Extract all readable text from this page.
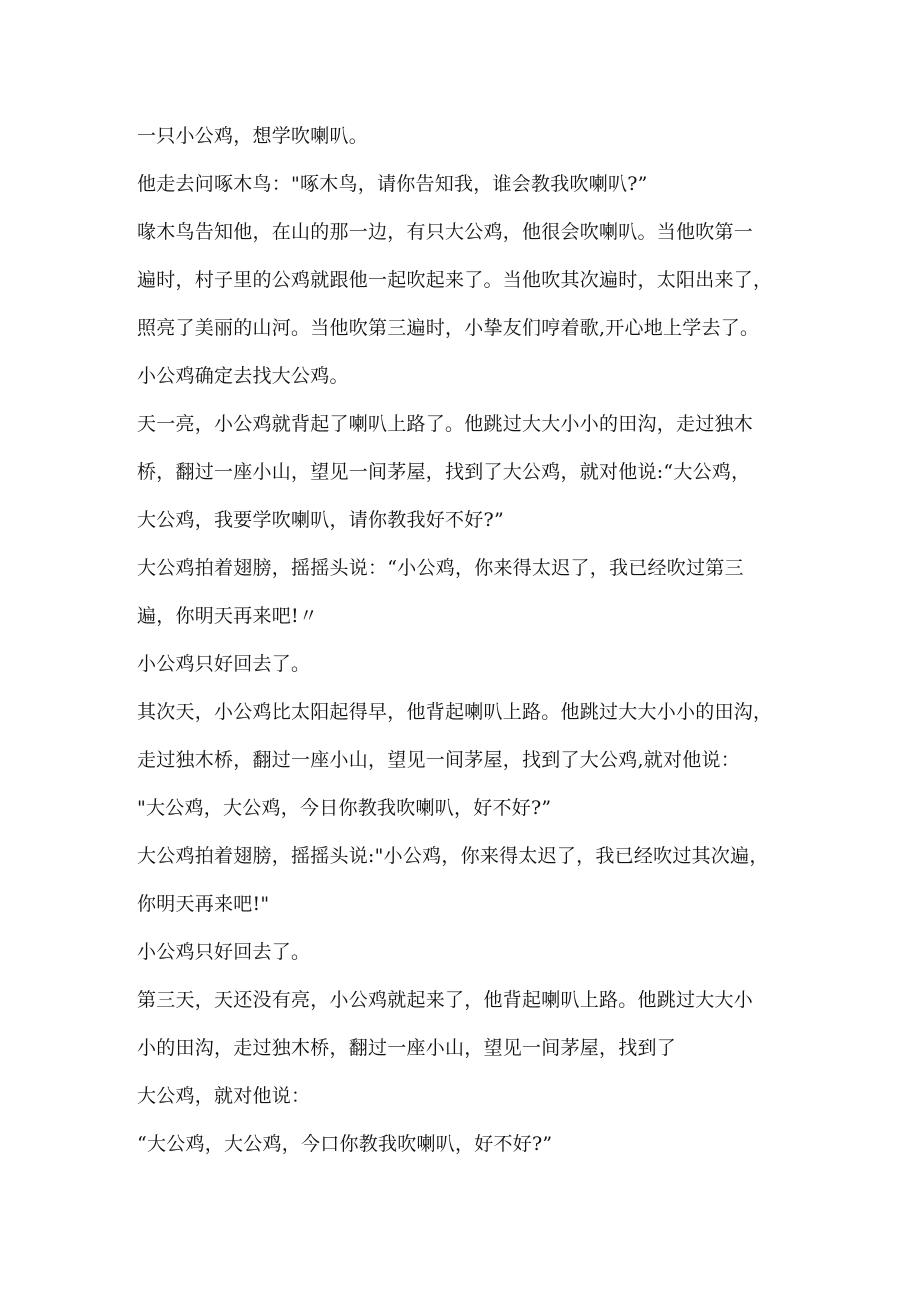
一只小公鸡，想学吹喇叭。

他走去问啄木鸟："啄木鸟，请你告知我，谁会教我吹喇叭?”

喙木鸟告知他，在山的那一边，有只大公鸡，他很会吹喇叭。当他吹第一

遍时，村子里的公鸡就跟他一起吹起来了。当他吹其次遍时，太阳出来了，

照亮了美丽的山河。当他吹第三遍时，小挚友们哼着歌,开心地上学去了。

小公鸡确定去找大公鸡。

天一亮，小公鸡就背起了喇叭上路了。他跳过大大小小的田沟，走过独木

桥，翻过一座小山，望见一间茅屋，找到了大公鸡，就对他说:“大公鸡，

大公鸡，我要学吹喇叭，请你教我好不好?”

大公鸡拍着翅膀，摇摇头说：“小公鸡，你来得太迟了，我已经吹过第三

遍，你明天再来吧!〃

小公鸡只好回去了。

其次天，小公鸡比太阳起得早，他背起喇叭上路。他跳过大大小小的田沟，

走过独木桥，翻过一座小山，望见一间茅屋，找到了大公鸡,就对他说：

"大公鸡，大公鸡，今日你教我吹喇叭，好不好?”

大公鸡拍着翅膀，摇摇头说:"小公鸡，你来得太迟了，我已经吹过其次遍，

你明天再来吧!"

小公鸡只好回去了。

第三天，天还没有亮，小公鸡就起来了，他背起喇叭上路。他跳过大大小

小的田沟，走过独木桥，翻过一座小山，望见一间茅屋，找到了

大公鸡，就对他说：

“大公鸡，大公鸡，今口你教我吹喇叭，好不好?”
